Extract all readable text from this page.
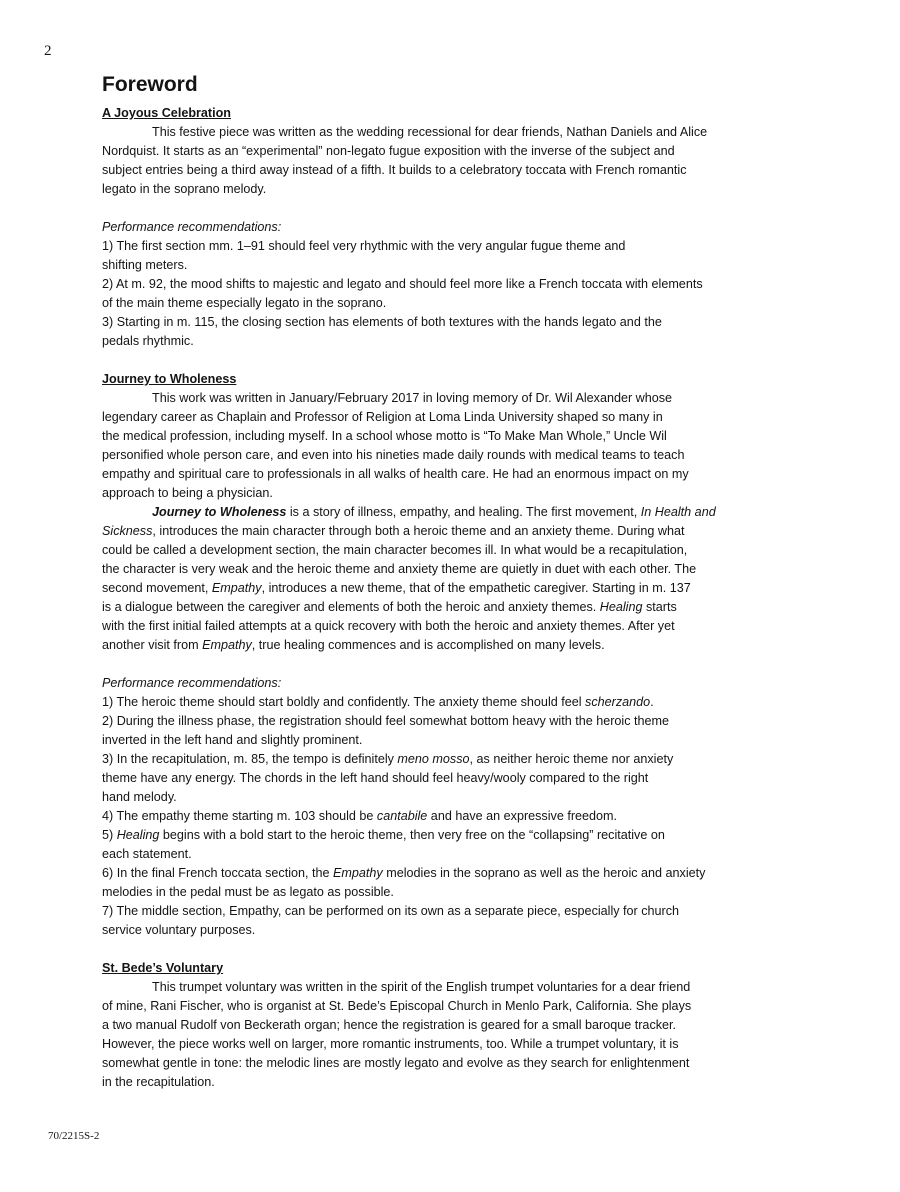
2
Foreword
A Joyous Celebration

This festive piece was written as the wedding recessional for dear friends, Nathan Daniels and Alice
Nordquist. It starts as an “experimental” non-legato fugue exposition with the inverse of the subject and
subject entries being a third away instead of a fifth. It builds to a celebratory toccata with French romantic
legato in the soprano melody.

Performance recommendations:

1) The first section mm. 1–91 should feel very rhythmic with the very angular fugue theme and
shifting meters.

2) At m. 92, the mood shifts to majestic and legato and should feel more like a French toccata with elements
of the main theme especially legato in the soprano.

3) Starting in m. 115, the closing section has elements of both textures with the hands legato and the
pedals rhythmic.

Journey to Wholeness

This work was written in January/February 2017 in loving memory of Dr. Wil Alexander whose
legendary career as Chaplain and Professor of Religion at Loma Linda University shaped so many in
the medical profession, including myself. In a school whose motto is “To Make Man Whole,” Uncle Wil
personified whole person care, and even into his nineties made daily rounds with medical teams to teach
empathy and spiritual care to professionals in all walks of health care. He had an enormous impact on my
approach to being a physician.

Journey to Wholeness is a story of illness, empathy, and healing. The first movement, In Health and
Sickness, introduces the main character through both a heroic theme and an anxiety theme. During what
could be called a development section, the main character becomes ill. In what would be a recapitulation,
the character is very weak and the heroic theme and anxiety theme are quietly in duet with each other. The
second movement, Empathy, introduces a new theme, that of the empathetic caregiver. Starting in m. 137
is a dialogue between the caregiver and elements of both the heroic and anxiety themes. Healing starts
with the first initial failed attempts at a quick recovery with both the heroic and anxiety themes. After yet
another visit from Empathy, true healing commences and is accomplished on many levels.

Performance recommendations:

1) The heroic theme should start boldly and confidently. The anxiety theme should feel scherzando.

2) During the illness phase, the registration should feel somewhat bottom heavy with the heroic theme
inverted in the left hand and slightly prominent.

3) In the recapitulation, m. 85, the tempo is definitely meno mosso, as neither heroic theme nor anxiety
theme have any energy. The chords in the left hand should feel heavy/wooly compared to the right
hand melody.

4) The empathy theme starting m. 103 should be cantabile and have an expressive freedom.

5) Healing begins with a bold start to the heroic theme, then very free on the “collapsing” recitative on
each statement.

6) In the final French toccata section, the Empathy melodies in the soprano as well as the heroic and anxiety
melodies in the pedal must be as legato as possible.

7) The middle section, Empathy, can be performed on its own as a separate piece, especially for church
service voluntary purposes.

St. Bede’s Voluntary

This trumpet voluntary was written in the spirit of the English trumpet voluntaries for a dear friend
of mine, Rani Fischer, who is organist at St. Bede’s Episcopal Church in Menlo Park, California. She plays
a two manual Rudolf von Beckerath organ; hence the registration is geared for a small baroque tracker.
However, the piece works well on larger, more romantic instruments, too. While a trumpet voluntary, it is
somewhat gentle in tone: the melodic lines are mostly legato and evolve as they search for enlightenment
in the recapitulation.

70/2215S-2
